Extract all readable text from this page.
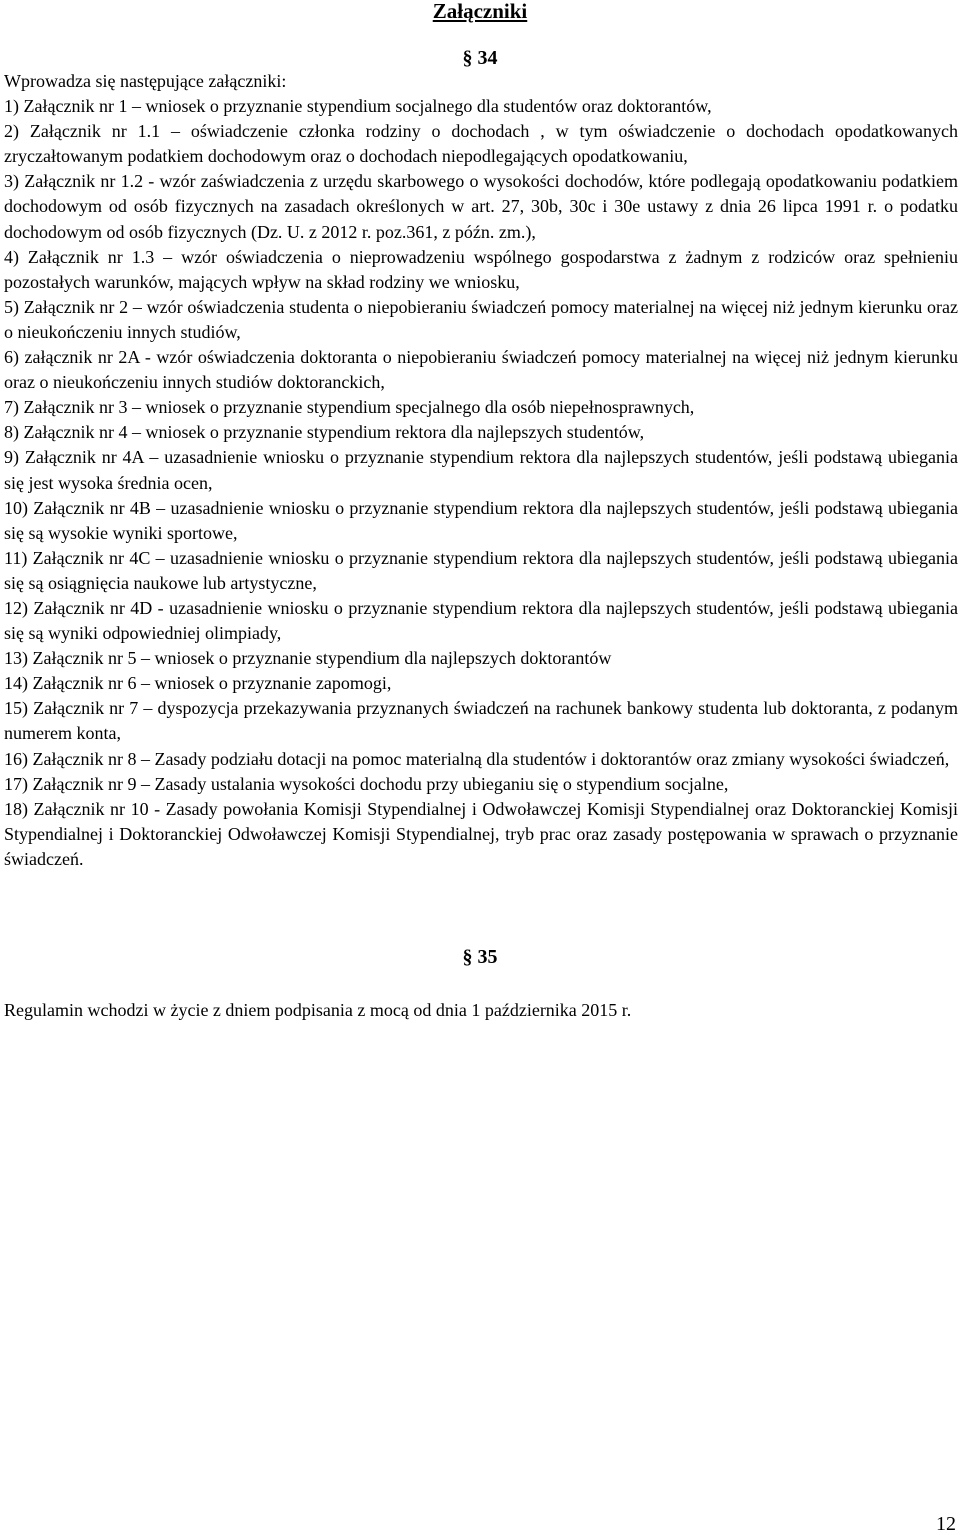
Załączniki
§ 34

Wprowadza się następujące załączniki:

1) Załącznik nr 1 – wniosek o przyznanie stypendium socjalnego dla studentów oraz doktorantów,

2) Załącznik nr 1.1 – oświadczenie członka rodziny o dochodach , w tym oświadczenie o dochodach opodatkowanych zryczałtowanym podatkiem dochodowym oraz o dochodach niepodlegających opodatkowaniu,

3) Załącznik nr 1.2 - wzór zaświadczenia z urzędu skarbowego o wysokości dochodów, które podlegają opodatkowaniu podatkiem dochodowym od osób fizycznych na zasadach określonych w art. 27, 30b, 30c i 30e ustawy z dnia 26 lipca 1991 r. o podatku dochodowym od osób fizycznych (Dz. U. z 2012 r. poz.361, z późn. zm.),

4) Załącznik nr 1.3 – wzór oświadczenia o nieprowadzeniu wspólnego gospodarstwa z żadnym z rodziców oraz spełnieniu pozostałych warunków, mających wpływ na skład rodziny we wniosku,

5) Załącznik nr 2 – wzór oświadczenia studenta o niepobieraniu świadczeń pomocy materialnej na więcej niż jednym kierunku oraz o nieukończeniu innych studiów,

6) załącznik nr 2A - wzór oświadczenia doktoranta o niepobieraniu świadczeń pomocy materialnej na więcej niż jednym kierunku oraz o nieukończeniu innych studiów doktoranckich,

7) Załącznik nr 3 – wniosek o przyznanie stypendium specjalnego dla osób niepełnosprawnych,

8) Załącznik nr 4 – wniosek o przyznanie stypendium rektora dla najlepszych studentów,

9) Załącznik nr 4A – uzasadnienie wniosku o przyznanie stypendium rektora dla najlepszych studentów, jeśli podstawą ubiegania się jest wysoka średnia ocen,

10) Załącznik nr 4B – uzasadnienie wniosku o przyznanie stypendium rektora dla najlepszych studentów, jeśli podstawą ubiegania się są wysokie wyniki sportowe,

11) Załącznik nr 4C – uzasadnienie wniosku o przyznanie stypendium rektora dla najlepszych studentów, jeśli podstawą ubiegania się są osiągnięcia naukowe lub artystyczne,

12) Załącznik nr 4D - uzasadnienie wniosku o przyznanie stypendium rektora dla najlepszych studentów, jeśli podstawą ubiegania się są wyniki odpowiedniej olimpiady,

13) Załącznik nr 5 – wniosek o przyznanie stypendium dla najlepszych doktorantów

14) Załącznik nr 6 – wniosek o przyznanie zapomogi,

15) Załącznik nr 7 – dyspozycja przekazywania przyznanych świadczeń na rachunek bankowy studenta lub doktoranta, z podanym numerem konta,

16) Załącznik nr 8 – Zasady podziału dotacji na pomoc materialną dla studentów i doktorantów oraz zmiany wysokości świadczeń,

17) Załącznik nr 9 – Zasady ustalania wysokości dochodu przy ubieganiu się o stypendium socjalne,

18) Załącznik nr 10 - Zasady powołania Komisji Stypendialnej i Odwoławczej Komisji Stypendialnej oraz Doktoranckiej Komisji Stypendialnej i Doktoranckiej Odwoławczej Komisji Stypendialnej, tryb prac oraz zasady postępowania w sprawach o przyznanie świadczeń.

§ 35

Regulamin wchodzi w życie z dniem podpisania z mocą od dnia 1 października 2015 r.

12
